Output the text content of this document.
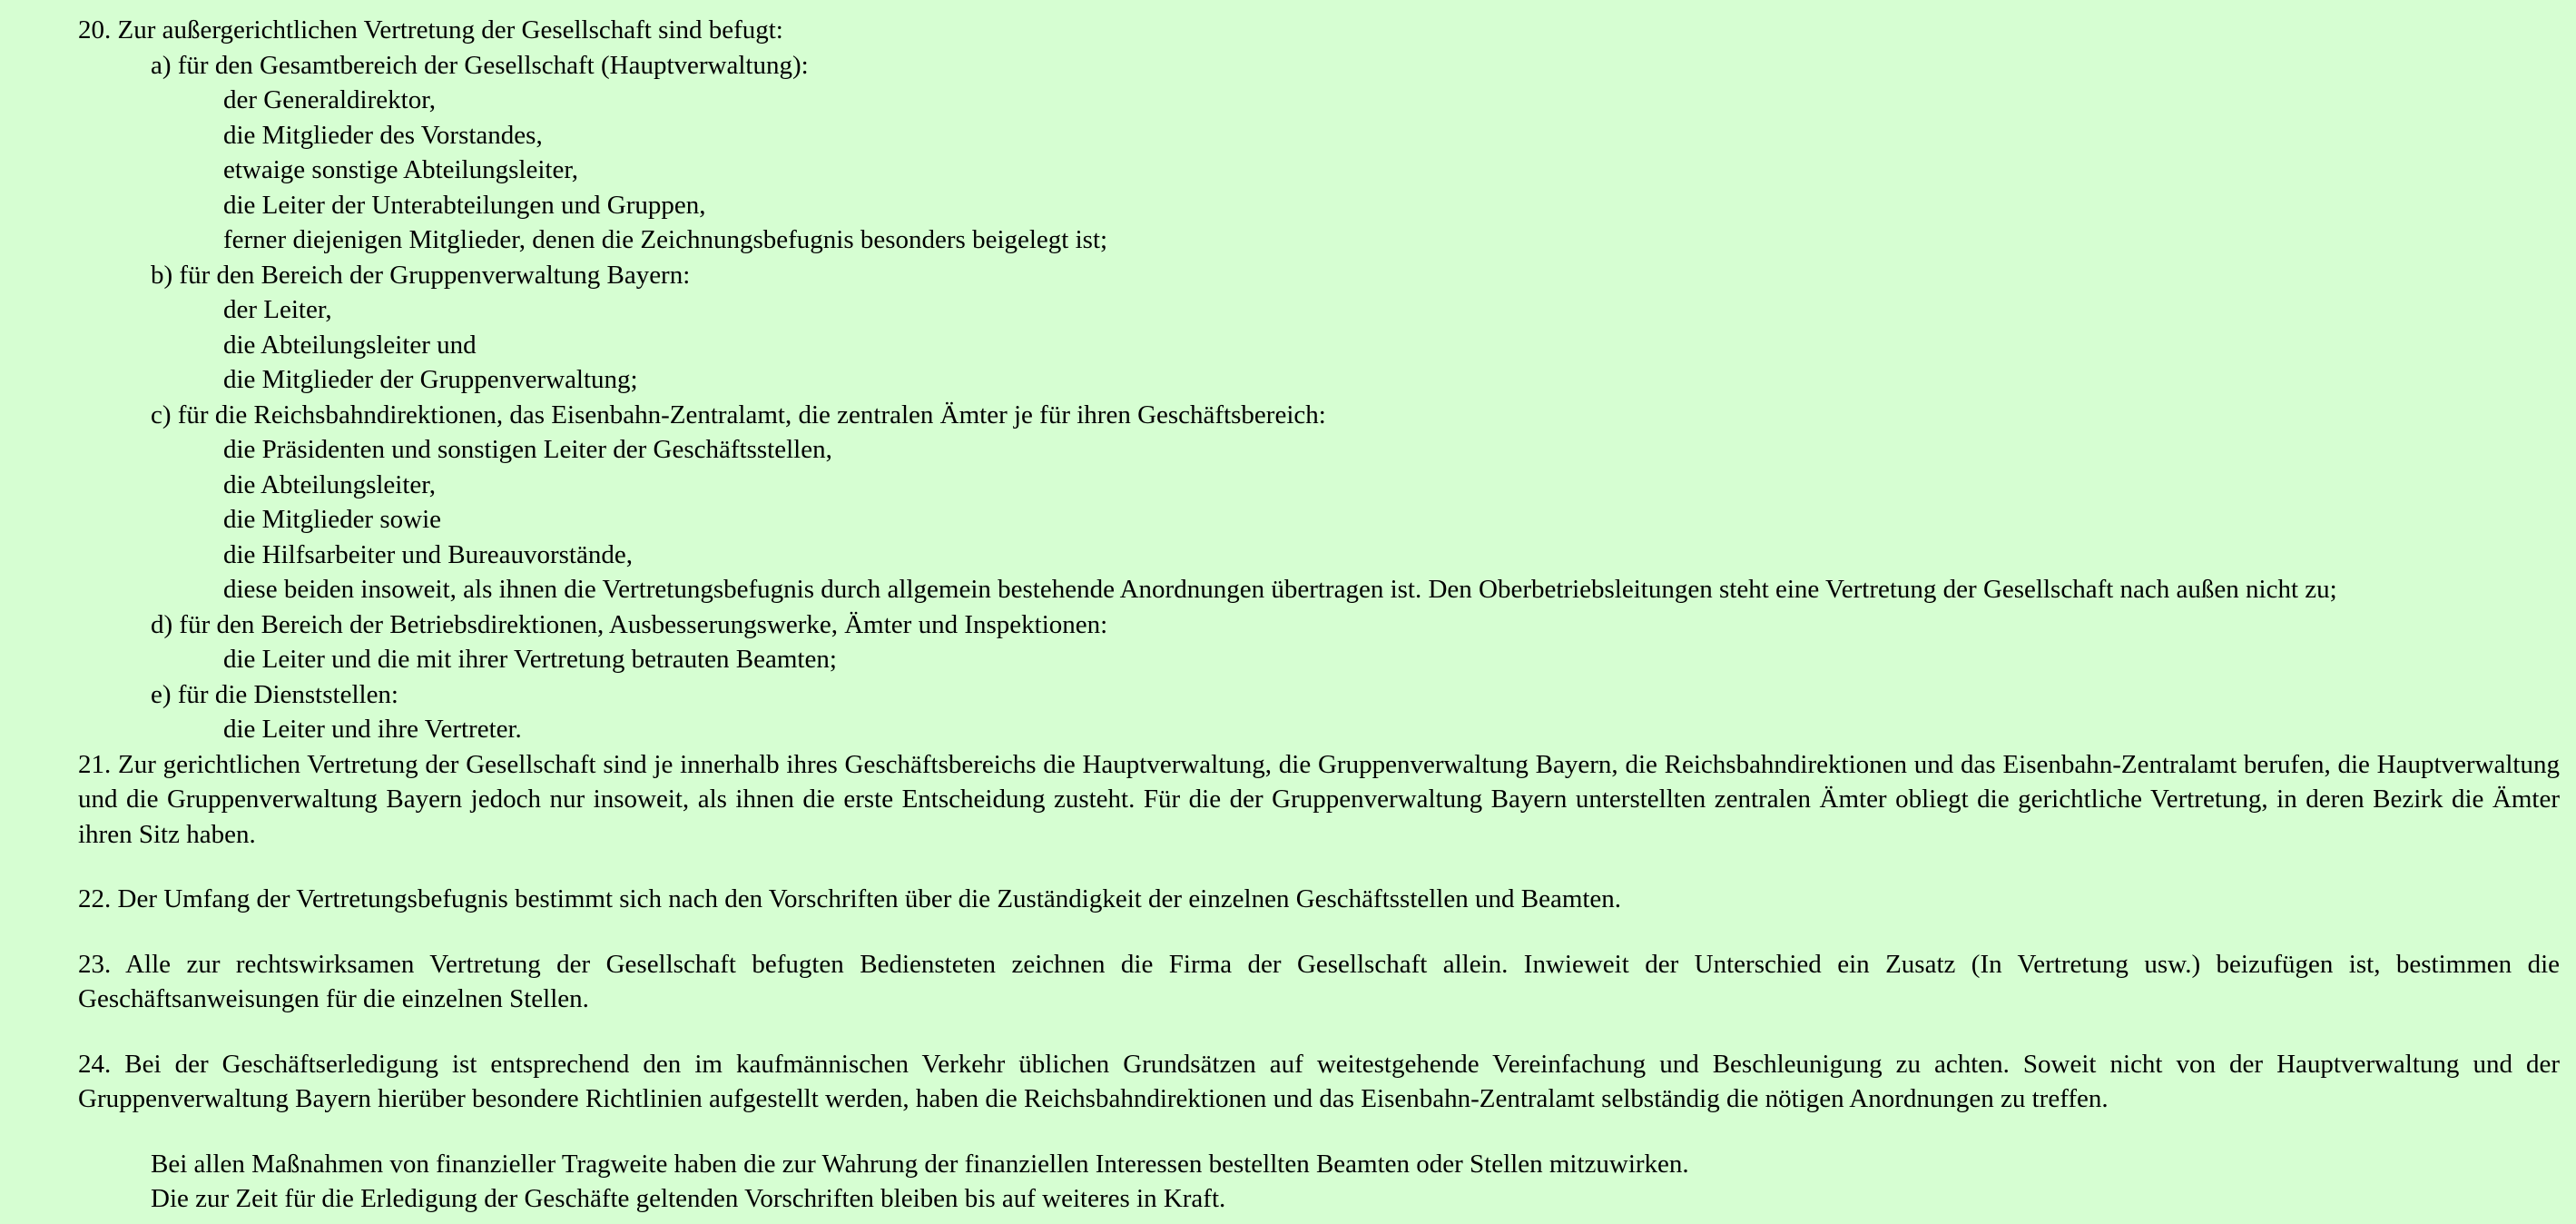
20. Zur außergerichtlichen Vertretung der Gesellschaft sind befugt:

a) für den Gesamtbereich der Gesellschaft (Hauptverwaltung):

der Generaldirektor,

die Mitglieder des Vorstandes,

etwaige sonstige Abteilungsleiter,

die Leiter der Unterabteilungen und Gruppen,

ferner diejenigen Mitglieder, denen die Zeichnungsbefugnis besonders beigelegt ist;

b) für den Bereich der Gruppenverwaltung Bayern:

der Leiter,

die Abteilungsleiter und

die Mitglieder der Gruppenverwaltung;

c) für die Reichsbahndirektionen, das Eisenbahn-Zentralamt, die zentralen Ämter je für ihren Geschäftsbereich:

die Präsidenten und sonstigen Leiter der Geschäftsstellen,

die Abteilungsleiter,

die Mitglieder sowie

die Hilfsarbeiter und Bureauvorstände,

diese beiden insoweit, als ihnen die Vertretungsbefugnis durch allgemein bestehende Anordnungen übertragen ist. Den Oberbetriebsleitungen steht eine Vertretung der Gesellschaft nach außen nicht zu;

d) für den Bereich der Betriebsdirektionen, Ausbesserungswerke, Ämter und Inspektionen:

die Leiter und die mit ihrer Vertretung betrauten Beamten;

e) für die Dienststellen:

die Leiter und ihre Vertreter.

21. Zur gerichtlichen Vertretung der Gesellschaft sind je innerhalb ihres Geschäftsbereichs die Hauptverwaltung, die Gruppenverwaltung Bayern, die Reichsbahndirektionen und das Eisenbahn-Zentralamt berufen, die Hauptverwaltung und die Gruppenverwaltung Bayern jedoch nur insoweit, als ihnen die erste Entscheidung zusteht. Für die der Gruppenverwaltung Bayern unterstellten zentralen Ämter obliegt die gerichtliche Vertretung, in deren Bezirk die Ämter ihren Sitz haben.

22. Der Umfang der Vertretungsbefugnis bestimmt sich nach den Vorschriften über die Zuständigkeit der einzelnen Geschäftsstellen und Beamten.

23. Alle zur rechtswirksamen Vertretung der Gesellschaft befugten Bediensteten zeichnen die Firma der Gesellschaft allein. Inwieweit der Unterschied ein Zusatz (In Vertretung usw.) beizufügen ist, bestimmen die Geschäftsanweisungen für die einzelnen Stellen.

24. Bei der Geschäftserledigung ist entsprechend den im kaufmännischen Verkehr üblichen Grundsätzen auf weitestgehende Vereinfachung und Beschleunigung zu achten. Soweit nicht von der Hauptverwaltung und der Gruppenverwaltung Bayern hierüber besondere Richtlinien aufgestellt werden, haben die Reichsbahndirektionen und das Eisenbahn-Zentralamt selbständig die nötigen Anordnungen zu treffen.

Bei allen Maßnahmen von finanzieller Tragweite haben die zur Wahrung der finanziellen Interessen bestellten Beamten oder Stellen mitzuwirken.

Die zur Zeit für die Erledigung der Geschäfte geltenden Vorschriften bleiben bis auf weiteres in Kraft.
